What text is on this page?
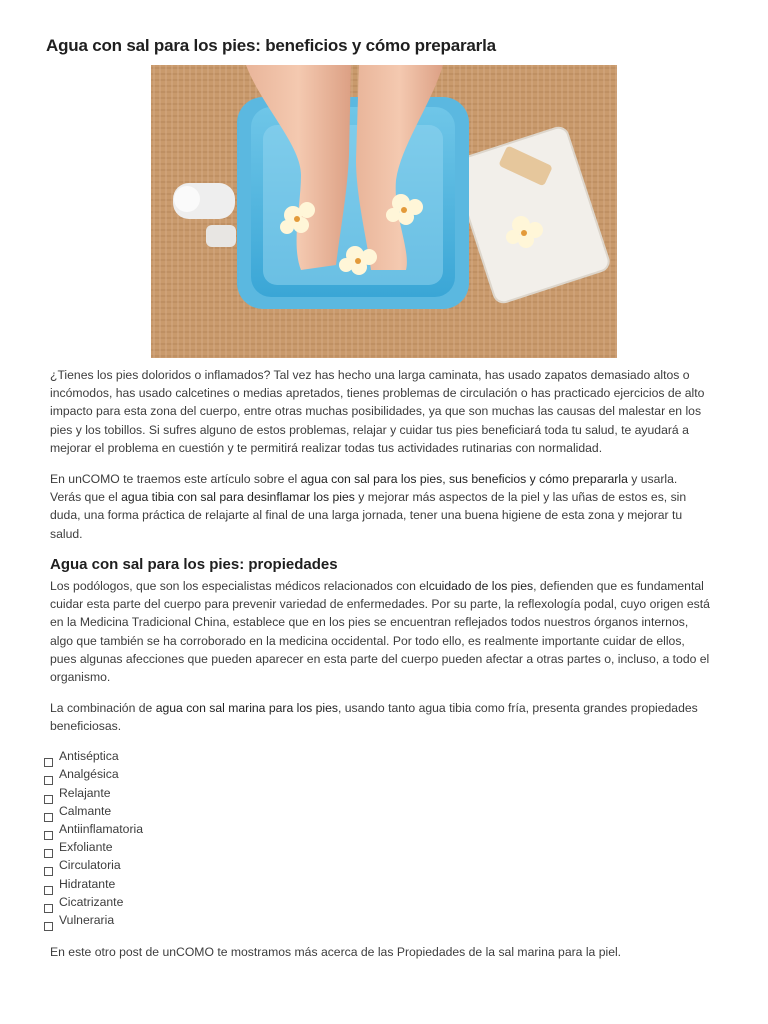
Agua con sal para los pies: beneficios y cómo prepararla

¿Tienes los pies doloridos o inflamados? Tal vez has hecho una larga caminata, has usado zapatos demasiado altos o incómodos, has usado calcetines o medias apretados, tienes problemas de circulación o has practicado ejercicios de alto impacto para esta zona del cuerpo, entre otras muchas posibilidades, ya que son muchas las causas del malestar en los pies y los tobillos. Si sufres alguno de estos problemas, relajar y cuidar tus pies beneficiará toda tu salud, te ayudará a mejorar el problema en cuestión y te permitirá realizar todas tus actividades rutinarias con normalidad.

En unCOMO te traemos este artículo sobre el agua con sal para los pies, sus beneficios y cómo prepararla y usarla. Verás que el agua tibia con sal para desinflamar los pies y mejorar más aspectos de la piel y las uñas de estos es, sin duda, una forma práctica de relajarte al final de una larga jornada, tener una buena higiene de esta zona y mejorar tu salud.

Agua con sal para los pies: propiedades

Los podólogos, que son los especialistas médicos relacionados con elcuidado de los pies, defienden que es fundamental cuidar esta parte del cuerpo para prevenir variedad de enfermedades. Por su parte, la reflexología podal, cuyo origen está en la Medicina Tradicional China, establece que en los pies se encuentran reflejados todos nuestros órganos internos, algo que también se ha corroborado en la medicina occidental. Por todo ello, es realmente importante cuidar de ellos, pues algunas afecciones que pueden aparecer en esta parte del cuerpo pueden afectar a otras partes o, incluso, a todo el organismo.

La combinación de agua con sal marina para los pies, usando tanto agua tibia como fría, presenta grandes propiedades beneficiosas.

Antiséptica
Analgésica
Relajante
Calmante
Antiinflamatoria
Exfoliante
Circulatoria
Hidratante
Cicatrizante
Vulneraria

En este otro post de unCOMO te mostramos más acerca de las Propiedades de la sal marina para la piel.
